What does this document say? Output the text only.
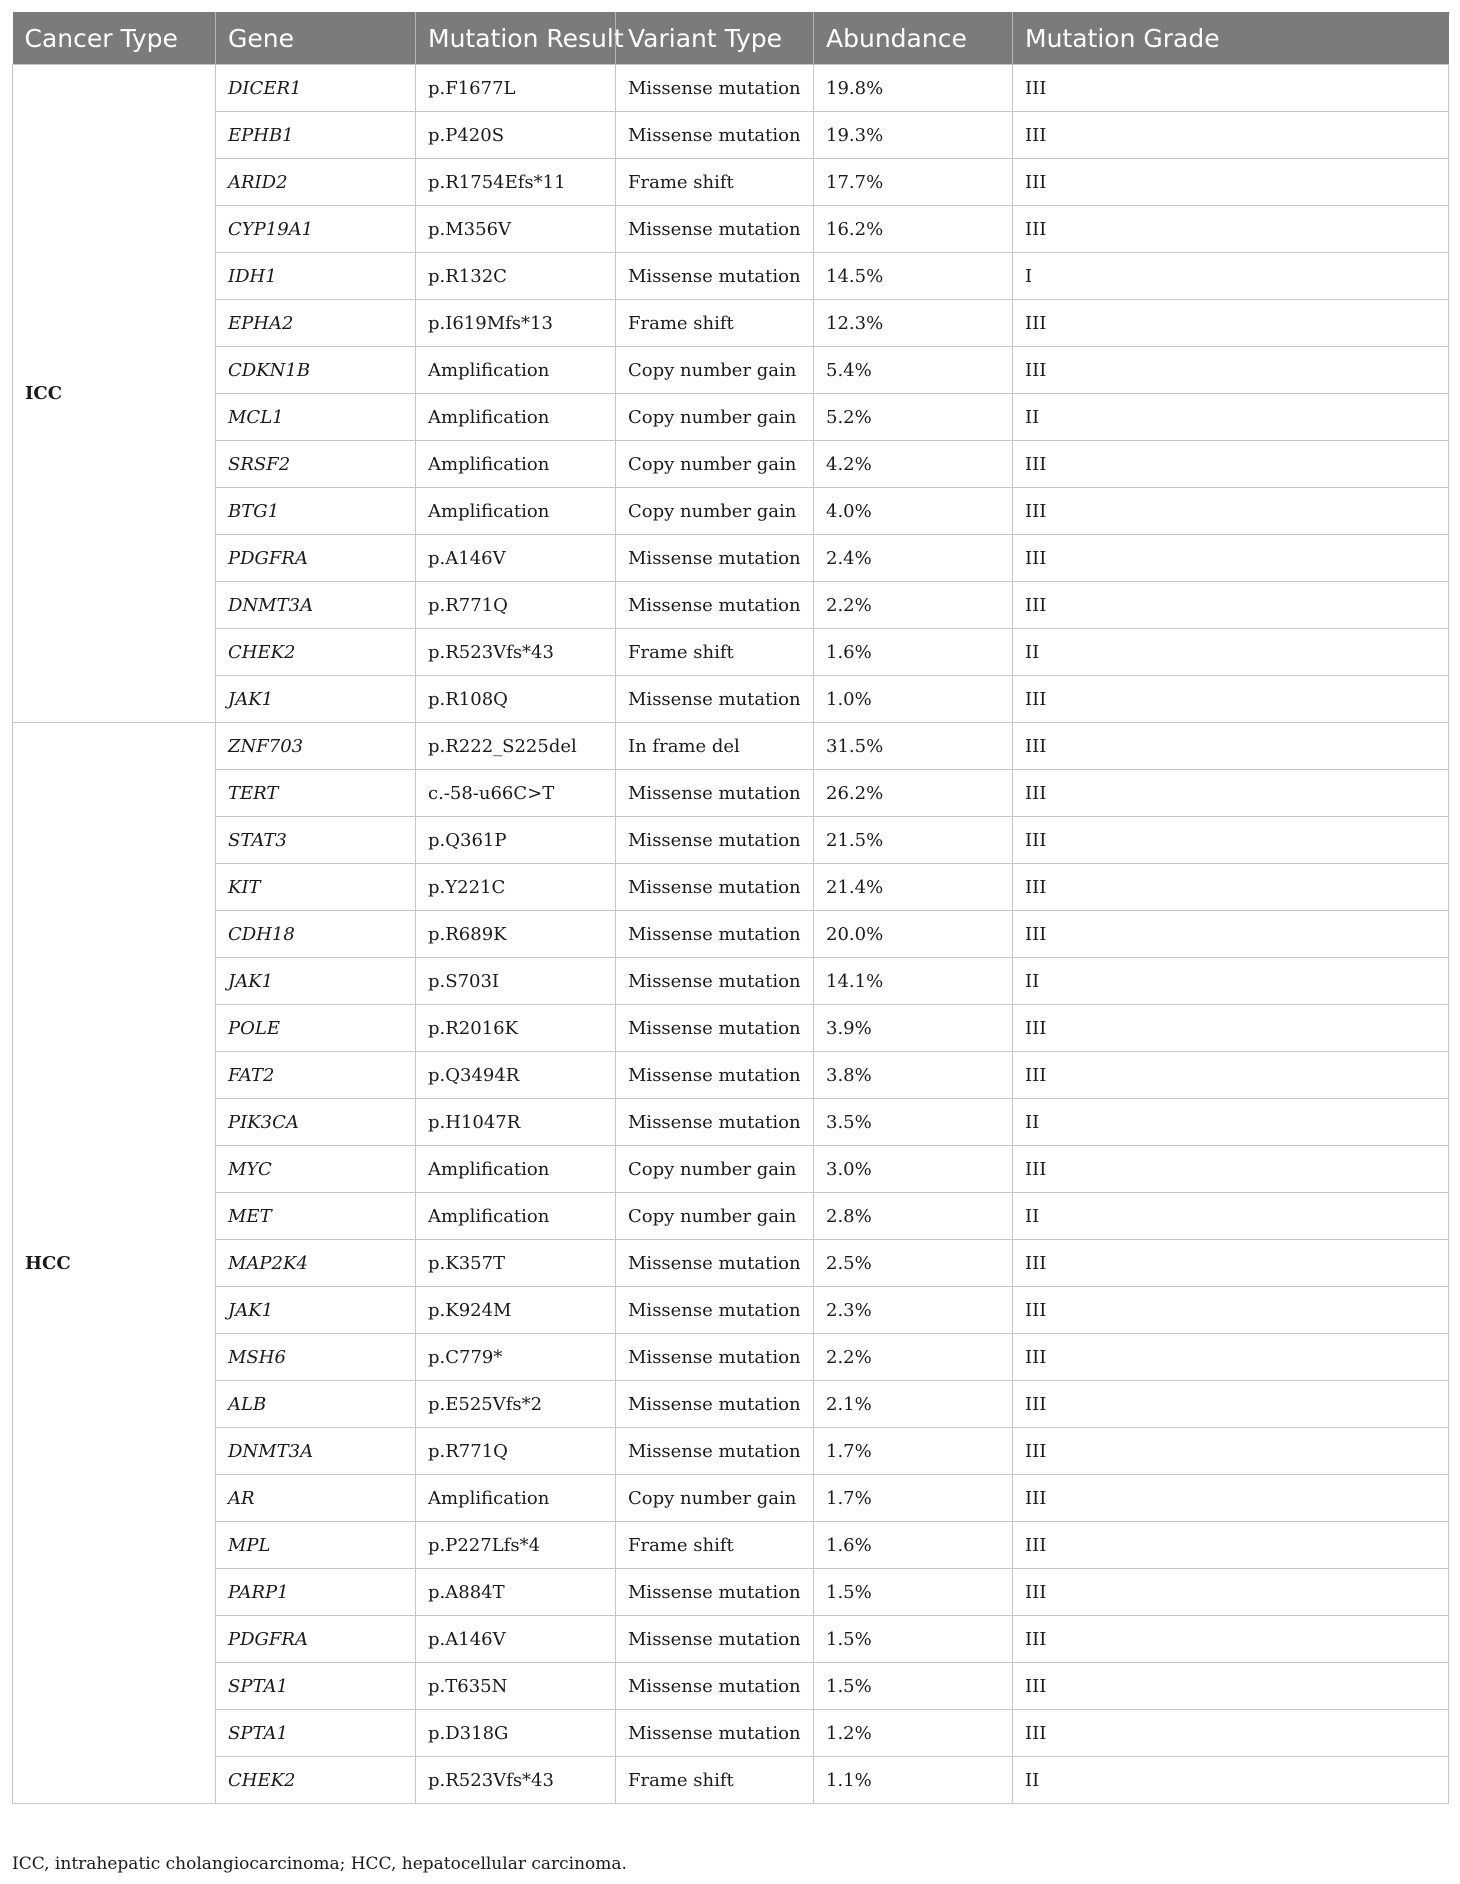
Cancer Type	Gene	Mutation Result	Variant Type	Abundance	Mutation Grade
ICC	DICER1	p.F1677L	Missense mutation	19.8%	III
	EPHB1	p.P420S	Missense mutation	19.3%	III
	ARID2	p.R1754Efs*11	Frame shift	17.7%	III
	CYP19A1	p.M356V	Missense mutation	16.2%	III
	IDH1	p.R132C	Missense mutation	14.5%	I
	EPHA2	p.I619Mfs*13	Frame shift	12.3%	III
	CDKN1B	Amplification	Copy number gain	5.4%	III
	MCL1	Amplification	Copy number gain	5.2%	II
	SRSF2	Amplification	Copy number gain	4.2%	III
	BTG1	Amplification	Copy number gain	4.0%	III
	PDGFRA	p.A146V	Missense mutation	2.4%	III
	DNMT3A	p.R771Q	Missense mutation	2.2%	III
	CHEK2	p.R523Vfs*43	Frame shift	1.6%	II
	JAK1	p.R108Q	Missense mutation	1.0%	III
HCC	ZNF703	p.R222_S225del	In frame del	31.5%	III
	TERT	c.-58-u66C>T	Missense mutation	26.2%	III
	STAT3	p.Q361P	Missense mutation	21.5%	III
	KIT	p.Y221C	Missense mutation	21.4%	III
	CDH18	p.R689K	Missense mutation	20.0%	III
	JAK1	p.S703I	Missense mutation	14.1%	II
	POLE	p.R2016K	Missense mutation	3.9%	III
	FAT2	p.Q3494R	Missense mutation	3.8%	III
	PIK3CA	p.H1047R	Missense mutation	3.5%	II
	MYC	Amplification	Copy number gain	3.0%	III
	MET	Amplification	Copy number gain	2.8%	II
	MAP2K4	p.K357T	Missense mutation	2.5%	III
	JAK1	p.K924M	Missense mutation	2.3%	III
	MSH6	p.C779*	Missense mutation	2.2%	III
	ALB	p.E525Vfs*2	Missense mutation	2.1%	III
	DNMT3A	p.R771Q	Missense mutation	1.7%	III
	AR	Amplification	Copy number gain	1.7%	III
	MPL	p.P227Lfs*4	Frame shift	1.6%	III
	PARP1	p.A884T	Missense mutation	1.5%	III
	PDGFRA	p.A146V	Missense mutation	1.5%	III
	SPTA1	p.T635N	Missense mutation	1.5%	III
	SPTA1	p.D318G	Missense mutation	1.2%	III
	CHEK2	p.R523Vfs*43	Frame shift	1.1%	II
ICC, intrahepatic cholangiocarcinoma; HCC, hepatocellular carcinoma.
